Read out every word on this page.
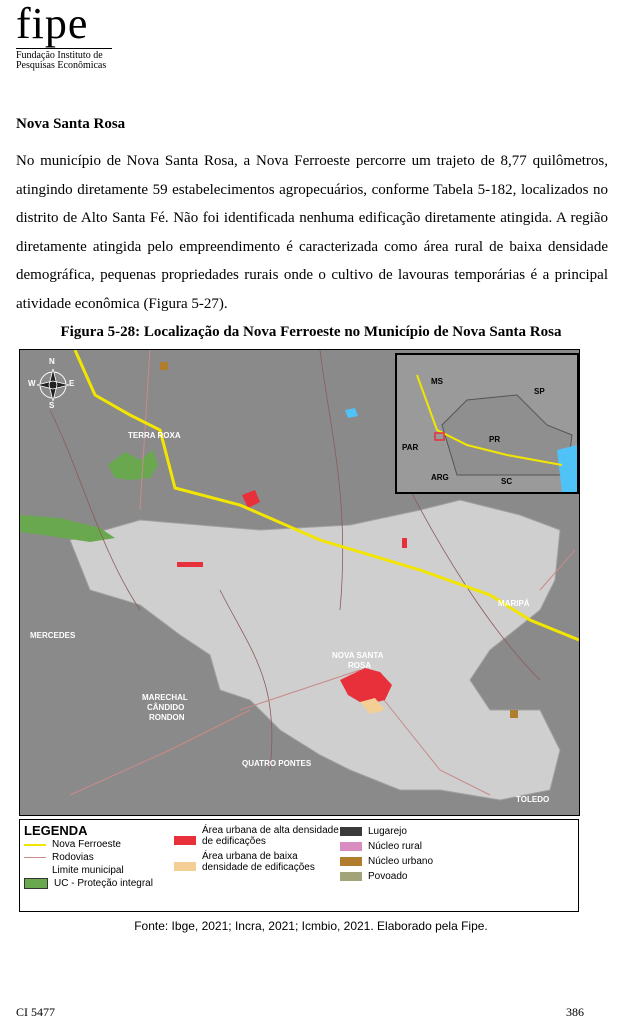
fipe
Fundação Instituto de
Pesquisas Econômicas
Nova Santa Rosa

No município de Nova Santa Rosa, a Nova Ferroeste percorre um trajeto de 8,77 quilômetros, atingindo diretamente 59 estabelecimentos agropecuários, conforme Tabela 5-182, localizados no distrito de Alto Santa Fé. Não foi identificada nenhuma edificação diretamente atingida. A região diretamente atingida pelo empreendimento é caracterizada como área rural de baixa densidade demográfica, pequenas propriedades rurais onde o cultivo de lavouras temporárias é a principal atividade econômica (Figura 5-27).

Figura 5-28: Localização da Nova Ferroeste no Município de Nova Santa Rosa

N
S
E
W
TERRA ROXA
MARIPÁ
MERCEDES
NOVA SANTA
ROSA
MARECHAL
CÂNDIDO
RONDON
QUATRO PONTES
TOLEDO
MS
SP
PAR
PR
ARG	SC
LEGENDA
Nova Ferroeste
Rodovias
Limite municipal
UC - Proteção integral
Área urbana de alta densidade
de edificações
Área urbana de baixa
densidade de edificações
Lugarejo
Núcleo rural
Núcleo urbano
Povoado
Fonte: Ibge, 2021; Incra, 2021; Icmbio, 2021. Elaborado pela Fipe.
CI 5477	386
